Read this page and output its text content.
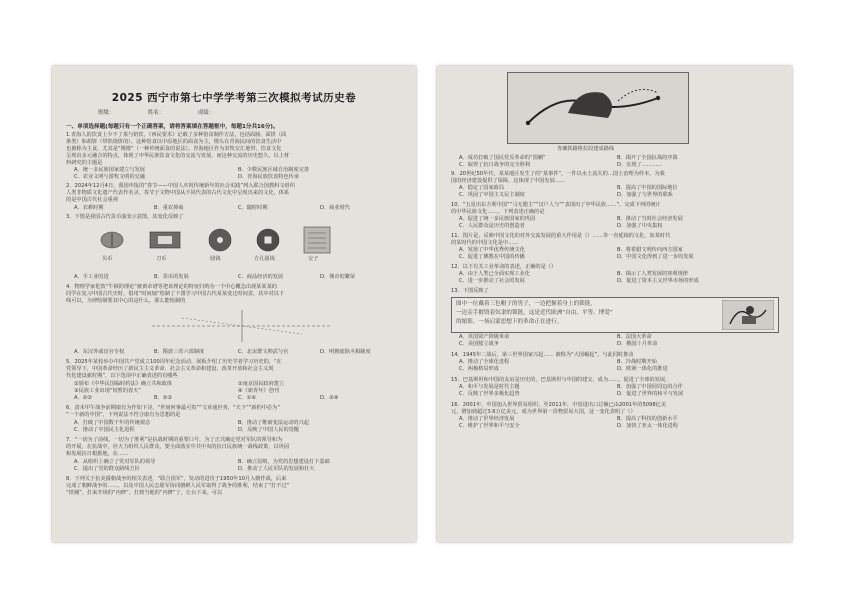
2025 西宁市第七中学学考第三次模拟考试历史卷
班级：	姓名：	成绩：
一、单项选择题(每题只有一个正确答案，请将答案填在答题框中，每题1分共16分)。
1.青海人的饮食上少不了茶与奶饮，《西民要术》记载了多种馆食制作方法，包括面肠、面饼（面
条类）和胡饼（带馅烧饼的）。这种馆食以中原地区的面食为主，馒头在青海民间的饮食生活中
也被称为主食，尤其是“馒馒”（一种传统面食的说法）。青海地区作为农牧交汇地带，饮食文化
呈现出多元融合的特点，体现了中华民族饮食文化的交流与发展，而这种交流的历史悠久，以上材
料研究的主题是
A．统一多民族国家建立与发展	B．少数民族区域自治制度完善
C．农业文明与游牧文明的交融	D．青海民族饮食特色传承
2．2024年12月4日，我国申报的“春节——中国人庆祝传统新年的社会实践”列入联合国教科文组织
人类非物质文化遗产代表作名录。春节于文物中国从不同代表的古代文化中呈现出来的文化，体系
的是中国古代社会重视
A．农耕时期	B．重农抑商	C．随时时期	D．商业时代
3．下图是我国古代货币演变示意图，其变化反映了
贝币	刀币	圆钱	方孔圆钱	交子
A．手工业的进	B．货币的发展	C．商品经济的发展	D．城市的繁荣
4．物理学家伦敦“牛顿的理论”被黄帝谱等把该理论的特征归纳为一个中心概念出现某某某的
同学在复习中国古代史时，借用“时间轴”绘制了下图学习中国古代某某变迁时间表，其中对以下
线可以，为律绘制要其中心的是什么，那么能绘制的
A．东汉外戚宦官专权	B．隋唐三省六部制度	C．北宋群文帅武与官	D．明朝废除丞相制度
5．2025年某校举办中国共产党成立100周年纪念活动，展板介绍了历史学者学习历史的，“在
党领导下，中国革命经历了新民主主义革命、社会主义革命和建设、改革开放和社会主义现
代化建设新时期”，以下选项中正确表述的有哪些
①颁布《中华民国临时约法》确立共和政体	②南京国民政府建立
③民族工业出现“短暂的春天”	④《新青年》创刊
A．①②	B．②③	C．①④	D．③④
6．清末甲午战争前期康有为作如下诗，“世间何事最可贵”“文章通世务，“天下”“新约中必为”
“一个新的中国”，下列说法不符合康有为思想的是
A．打破了中国数千年的传统观念	B．推动了维新变法运动的兴起
C．推动了中国民主化进程	D．反映了中国人民的觉醒
7．“一切为了前线，一切为了胜利”是抗战时期的重要口号，为了正式确定党对军队的领导和为
的开展，在抗战中，应大力组织人民群众，要全面落实中共中央的抗日民族统一战线政策，以巩固
和发展抗日根据地。在……
A．从组织上确立了党对军队的领导	B．确立原则，为党的思想建设打下基础
C．提出了党的群众路线方针	D．推动了人民军队的发展和壮大
8．下列关于抗美援朝战争的相关表述，“联合国军”，发动的进攻于1950年10月入朝作战，后来
完成了朝鲜战争的……，以及中国人民志愿军协同朝鲜人民军取得了战争的胜利，结束了“打不过”
“铁桶”，打来开场的“内修”，打到当地的“内修”了，让台下来。可以
青藏铁路格拉段建成路线
A．成功打破了国民党反革命的“围剿”	B．揭开了全国抗战的序幕
C．取得了抗日战争的完全胜利	D．实现了…………
9．20世纪50年代，某某地区发生了的“某事件”，一件以水土流失的…国土治理为样本，为我
国的经济建设提供了保障，这体现了中国发展……
A．稳定了国家政局	B．提高了中国的国际地位
C．巩固了中国主义民主制度	D．加强了与世界的联系
10．“五星出东方利中国”“马无腊主”“汉户人与”“表现出了中华民族……”，完成下列的统计
的中华民族文化……，下列表述正确的是
A．促进了统一多民族国家的巩固	B．推动了当时社会经济发展
C．人民群众是历史的创造者	D．加强了中央集权
11．图片是，反映中国文化的对外交流发展的重大作用是（）……等一直延续的文化，如某时代
的某时代的中国文化是中……
A．发扬了中华优秀传统文化	B．将希腊文明传向西方国家
C．促进了佛教在中国的传播	D．中国文化得到了进一步的发展
12．以下有关工业革命的表述，正确的是（）
A．由于人类已全面实现工业化	B．揭示了人类发展的客观规律
C．进一步推动了社会的发展	D．促进了资本主义世界市场的形成
13．下图反映了
图中一位戴着三色帽子的男子，一边把握着身上的锁链，
一边亲手摧毁着奴隶的锁链，这是近代欧洲“自由、平等、博爱”
的缩影，一场启蒙思想下的革命正在进行。
A．英国资产阶级革命	B．法国大革命
C．美国独立战争	D．俄国十月革命
14．1945年二战后，第三世界国家兴起…… 被称为“大国崛起”，与此同时推动
A．推动了全球化进程	B．冷战时期开始
C．两极格局形成	D．欧洲一体化的推进
15．巴基斯坦和中国的友谊是历史的，巴基斯坦与中国的建交，成为……，促进了全球的发展，
A．和平与发展是时代主题	B．加强了中国同周边的合作
C．反映了世界多极化趋势	D．促进了世界的和平与发展
16．2001年，中国加入世界贸易组织，至2011年，中国进出口总额已由2001年的5098亿美
元，增加到超过3.6万亿美元，成为世界第一货物贸易大国，这一变化表明了（）
A．推动了世界经济发展	B．提高了科技的创新水平
C．维护了世界和平与安全	D．加快了亚太一体化进程
